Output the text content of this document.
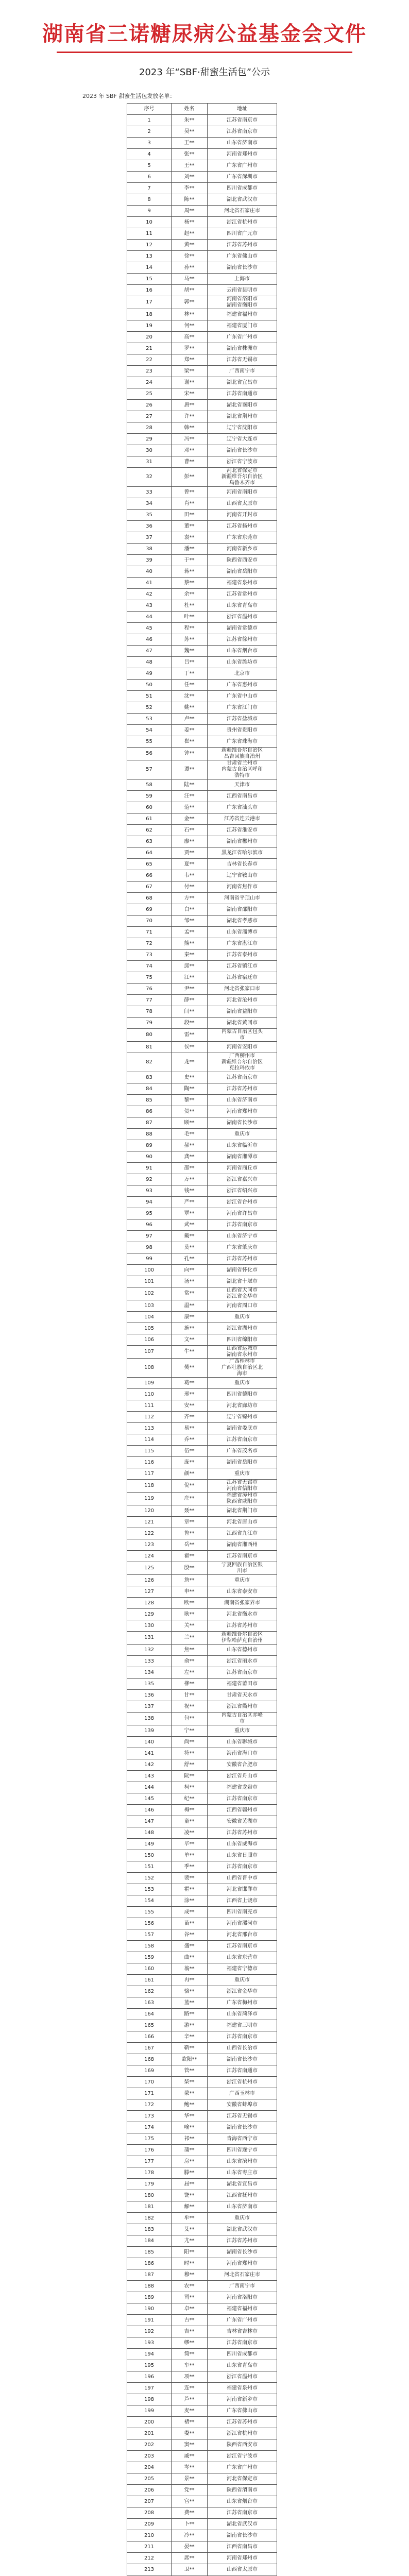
湖南省三诺糖尿病公益基金会文件
2023 年“SBF·甜蜜生活包”公示
2023 年 SBF 甜蜜生活包发放名单：
序号	姓名	地址
1	朱**	江苏省南京市
2	吴**	江苏省南京市
3	王**	山东省济南市
4	张**	河南省郑州市
5	王**	广东省广州市
6	刘**	广东省深圳市
7	李**	四川省成都市
8	陈**	湖北省武汉市
9	周**	河北省石家庄市
10	杨**	浙江省杭州市
11	赵**	四川省广元市
12	黄**	江苏省苏州市
13	徐**	广东省佛山市
14	孙**	湖南省长沙市
15	马**	上海市
16	胡**	云南省昆明市
17	郭**	河南省洛阳市
湖南省衡阳市
18	林**	福建省福州市
19	何**	福建省厦门市
20	高**	广东省广州市
21	罗**	湖南省株洲市
22	郑**	江苏省无锡市
23	梁**	广西南宁市
24	谢**	湖北省宜昌市
25	宋**	江苏省南通市
26	唐**	湖北省襄阳市
27	许**	湖北省荆州市
28	韩**	辽宁省沈阳市
29	冯**	辽宁省大连市
30	邓**	湖南省长沙市
31	曹**	浙江省宁波市
32	彭**	河北省保定市
新疆维吾尔自治区
乌鲁木齐市
33	曾**	河南省南阳市
34	肖**	山西省太原市
35	田**	河南省开封市
36	董**	江苏省扬州市
37	袁**	广东省东莞市
38	潘**	河南省新乡市
39	于**	陕西省西安市
40	蒋**	湖南省岳阳市
41	蔡**	福建省泉州市
42	余**	江苏省常州市
43	杜**	山东省青岛市
44	叶**	浙江省温州市
45	程**	湖南省常德市
46	苏**	江苏省徐州市
47	魏**	山东省烟台市
48	吕**	山东省潍坊市
49	丁**	北京市
50	任**	广东省惠州市
51	沈**	广东省中山市
52	姚**	广东省江门市
53	卢**	江苏省盐城市
54	姜**	贵州省贵阳市
55	崔**	广东省珠海市
56	钟**	新疆维吾尔自治区
昌吉回族自治州
57	谭**	甘肃省兰州市
内蒙古自治区呼和
浩特市
58	陆**	天津市
59	汪**	江西省南昌市
60	范**	广东省汕头市
61	金**	江苏省连云港市
62	石**	江苏省淮安市
63	廖**	湖南省郴州市
64	贾**	黑龙江省哈尔滨市
65	夏**	吉林省长春市
66	韦**	辽宁省鞍山市
67	付**	河南省焦作市
68	方**	河南省平顶山市
69	白**	湖南省邵阳市
70	邹**	湖北省孝感市
71	孟**	山东省淄博市
72	熊**	广东省湛江市
73	秦**	江苏省泰州市
74	邱**	江苏省镇江市
75	江**	江苏省宿迁市
76	尹**	河北省张家口市
77	薛**	河北省沧州市
78	闫**	湖南省益阳市
79	段**	湖北省黄冈市
80	雷**	内蒙古自治区包头
市
81	侯**	河南省安阳市
82	龙**	广西柳州市
新疆维吾尔自治区
克拉玛依市
83	史**	江苏省南京市
84	陶**	江苏省苏州市
85	黎**	山东省济南市
86	贺**	河南省郑州市
87	顾**	湖南省长沙市
88	毛**	重庆市
89	郝**	山东省临沂市
90	龚**	湖南省湘潭市
91	邵**	河南省商丘市
92	万**	浙江省嘉兴市
93	钱**	浙江省绍兴市
94	严**	浙江省台州市
95	覃**	河南省许昌市
96	武**	江苏省南京市
97	戴**	山东省济宁市
98	莫**	广东省肇庆市
99	孔**	江苏省苏州市
100	向**	湖南省怀化市
101	汤**	湖北省十堰市
102	常**	山西省大同市
浙江省金华市
103	温**	河南省周口市
104	康**	重庆市
105	施**	浙江省湖州市
106	文**	四川省绵阳市
107	牛**	山西省运城市
湖南省永州市
108	樊**	广西桂林市
广西壮族自治区北
海市
109	葛**	重庆市
110	邢**	四川省德阳市
111	安**	河北省廊坊市
112	齐**	辽宁省锦州市
113	易**	湖南省娄底市
114	乔**	江苏省南京市
115	伍**	广东省茂名市
116	庞**	湖南省岳阳市
117	颜**	重庆市
118	倪**	江苏省无锡市
河南省信阳市
119	庄**	福建省漳州市
陕西省咸阳市
120	聂**	湖北省荆门市
121	章**	河北省唐山市
122	鲁**	江西省九江市
123	岳**	湖南省湘西州
124	翟**	江苏省南京市
125	殷**	宁夏回族自治区银
川市
126	詹**	重庆市
127	申**	山东省泰安市
128	欧**	湖南省张家界市
129	耿**	河北省衡水市
130	关**	江苏省苏州市
131	兰**	新疆维吾尔自治区
伊犁哈萨克自治州
132	焦**	山东省德州市
133	俞**	浙江省丽水市
134	左**	江苏省南京市
135	柳**	福建省莆田市
136	甘**	甘肃省天水市
137	祝**	浙江省衢州市
138	包**	内蒙古自治区赤峰
市
139	宁**	重庆市
140	尚**	山东省聊城市
141	符**	海南省海口市
142	舒**	安徽省合肥市
143	阮**	浙江省舟山市
144	柯**	福建省龙岩市
145	纪**	江苏省南京市
146	梅**	江西省赣州市
147	童**	安徽省芜湖市
148	凌**	江苏省苏州市
149	毕**	山东省威海市
150	单**	山东省日照市
151	季**	江苏省南京市
152	裴**	山西省晋中市
153	霍**	河北省邯郸市
154	涂**	江西省上饶市
155	成**	四川省南充市
156	苗**	河南省漯河市
157	谷**	河北省邢台市
158	盛**	江苏省南京市
159	曲**	山东省东营市
160	翁**	福建省宁德市
161	冉**	重庆市
162	骆**	浙江省金华市
163	蓝**	广东省梅州市
164	路**	山东省菏泽市
165	游**	福建省三明市
166	辛**	江苏省南京市
167	靳**	山西省长治市
168	欧阳**	湖南省长沙市
169	管**	江苏省南通市
170	柴**	浙江省杭州市
171	蒙**	广西玉林市
172	鲍**	安徽省蚌埠市
173	华**	江苏省无锡市
174	喻**	湖南省长沙市
175	祁**	青海省西宁市
176	蒲**	四川省遂宁市
177	房**	山东省滨州市
178	滕**	山东省枣庄市
179	屈**	湖北省宜昌市
180	饶**	江西省抚州市
181	解**	山东省济南市
182	牟**	重庆市
183	艾**	湖北省武汉市
184	尤**	江苏省苏州市
185	阳**	湖南省长沙市
186	时**	河南省郑州市
187	穆**	河北省石家庄市
188	农**	广西南宁市
189	司**	河南省洛阳市
190	卓**	福建省福州市
191	古**	广东省广州市
192	吉**	吉林省吉林市
193	缪**	江苏省南京市
194	简**	四川省成都市
195	车**	山东省青岛市
196	项**	浙江省温州市
197	连**	福建省泉州市
198	芦**	河南省新乡市
199	麦**	广东省佛山市
200	褚**	江苏省苏州市
201	娄**	浙江省杭州市
202	窦**	陕西省西安市
203	戚**	浙江省宁波市
204	岑**	广东省广州市
205	景**	河北省保定市
206	党**	陕西省渭南市
207	宫**	山东省烟台市
208	费**	江苏省南京市
209	卜**	湖北省武汉市
210	冷**	湖南省长沙市
211	晏**	江西省南昌市
212	席**	河南省郑州市
213	卫**	山西省太原市
